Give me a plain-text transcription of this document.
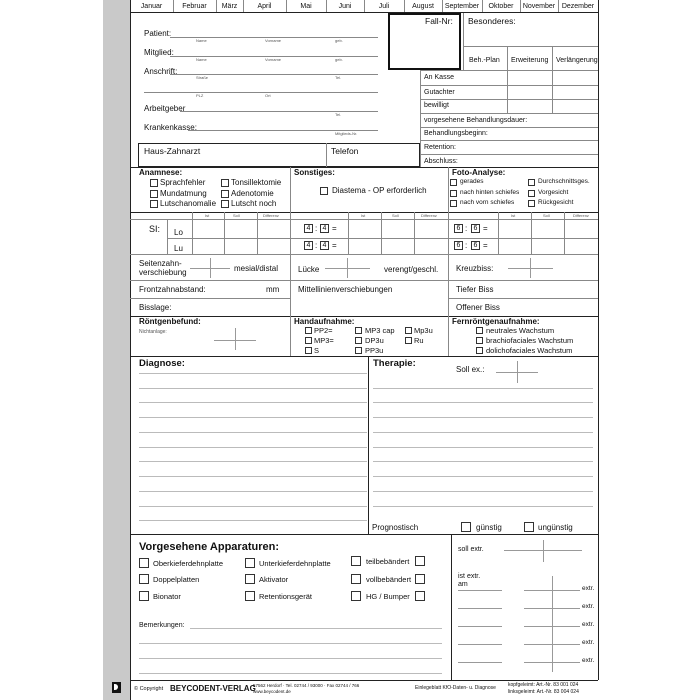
Januar	Februar	März	April	Mai	Juni	Juli	August	September	Oktober	November Dezember
Patient:
Name	Vorname	geb.
Mitglied:
Name	Vorname	geb.
Anschrift:
Straße	Tel.
PLZ	Ort
Arbeitgeber
Tel.
Krankenkasse:
Mitglieds-Nr.
Fall-Nr: Besonderes:
Beh.-Plan Erweiterung Verlängerung
An Kasse
Gutachter
bewilligt
vorgesehene Behandlungsdauer:
Behandlungsbeginn:
Retention:
Abschluss:
Haus-Zahnarzt	Telefon
Anamnese:
Sprachfehler	Tonsillektomie
Mundatmung	Adenotomie
Lutschanomalie Lutscht noch
Sonstiges:
Diastema - OP erforderlich
Foto-Analyse:
gerades	Durchschnittsges.
nach hinten schiefes	Vorgesicht
nach vorn schiefes	Rückgesicht
Ist	Soll	Differenz	Ist	Soll	Differenz	Ist	Soll	Differenz
SI: Lo
Lu
4 : 4 =
4 : 4 =
6 : 6 =
6 : 6 =
Seitenzahn-
verschiebung	mesial/distal Lücke	verengt/geschl. Kreuzbiss:
Frontzahnabstand:	mm Mittellinienverschiebungen	Tiefer Biss
Bisslage:	Offener Biss
Röntgenbefund:
Nichtanlage:
Handaufnahme:
PP2=	MP3 cap	Mp3u
MP3=	DP3u	Ru
S	PP3u
Fernröntgenaufnahme:
neutrales Wachstum
brachiofaciales Wachstum
dolichofaciales Wachstum
Diagnose:	Therapie:
Soll ex.:
Prognostisch	günstig	ungünstig
Vorgesehene Apparaturen:
Oberkieferdehnplatte
Doppelplatten
Bionator
Unterkieferdehnplatte
Aktivator
Retentionsgerät
teilbebändert
vollbebändert
HG / Bumper
Bemerkungen:
soll extr.
ist extr.
am
extr.
extr.
extr.
extr.
extr.
© Copyright BEYCODENT-VERLAG
57562 Herdorf · Tel. 02744 / 93000 · Fax 02744 / 766
www.beycodent.de
Einlegeblatt KfO-Daten- u. Diagnose kopfgeleimt: Art.-Nr. 83 001 024
linksgeleimt: Art.-Nr. 83 004 024
